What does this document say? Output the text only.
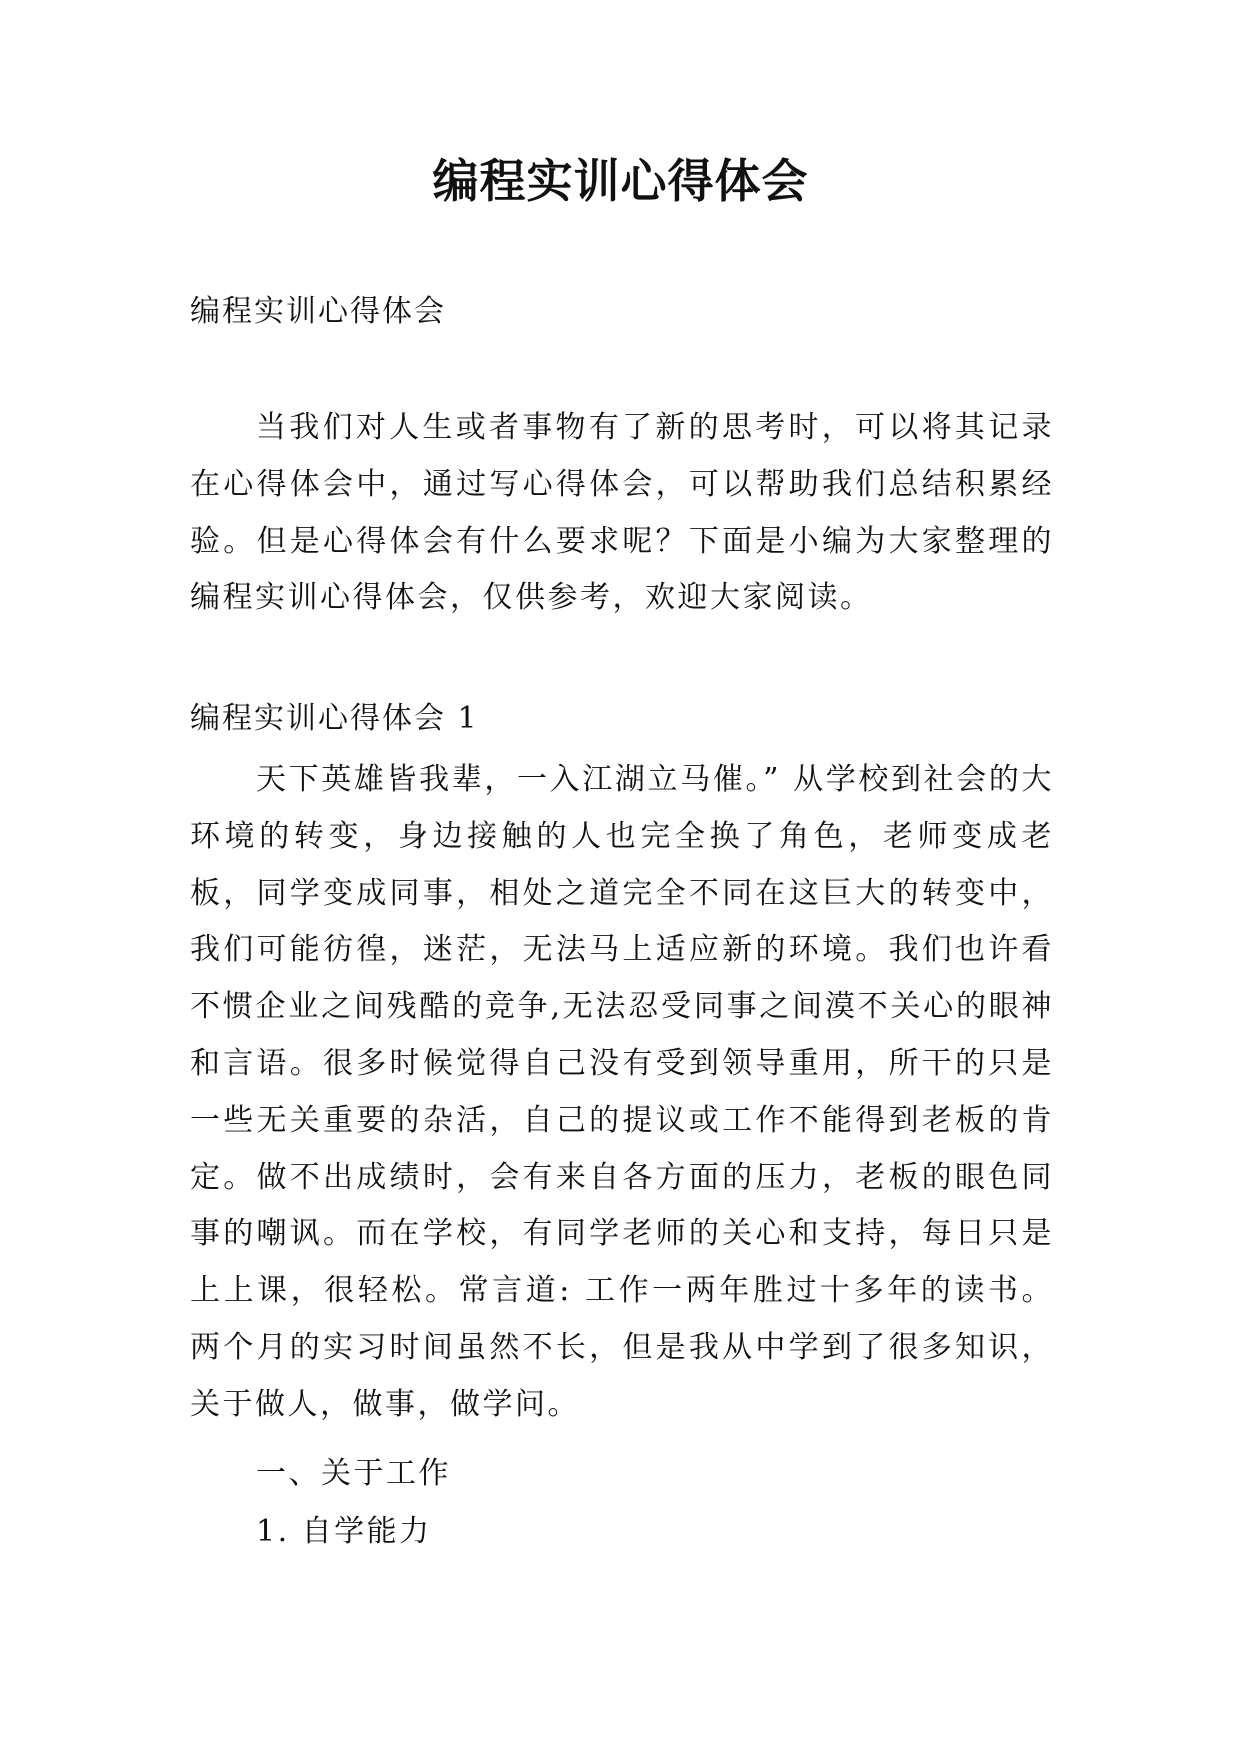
编程实训心得体会
编程实训心得体会

当我们对人生或者事物有了新的思考时，可以将其记录在心得体会中，通过写心得体会，可以帮助我们总结积累经验。但是心得体会有什么要求呢？下面是小编为大家整理的编程实训心得体会，仅供参考，欢迎大家阅读。

编程实训心得体会 1

天下英雄皆我辈，一入江湖立马催。” 从学校到社会的大环境的转变，身边接触的人也完全换了角色，老师变成老板，同学变成同事，相处之道完全不同在这巨大的转变中，我们可能彷徨，迷茫，无法马上适应新的环境。我们也许看不惯企业之间残酷的竞争,无法忍受同事之间漠不关心的眼神和言语。很多时候觉得自己没有受到领导重用，所干的只是一些无关重要的杂活，自己的提议或工作不能得到老板的肯定。做不出成绩时，会有来自各方面的压力，老板的眼色同事的嘲讽。而在学校，有同学老师的关心和支持，每日只是上上课，很轻松。常言道: 工作一两年胜过十多年的读书。两个月的实习时间虽然不长，但是我从中学到了很多知识，关于做人，做事，做学问。

一、关于工作
1. 自学能力
